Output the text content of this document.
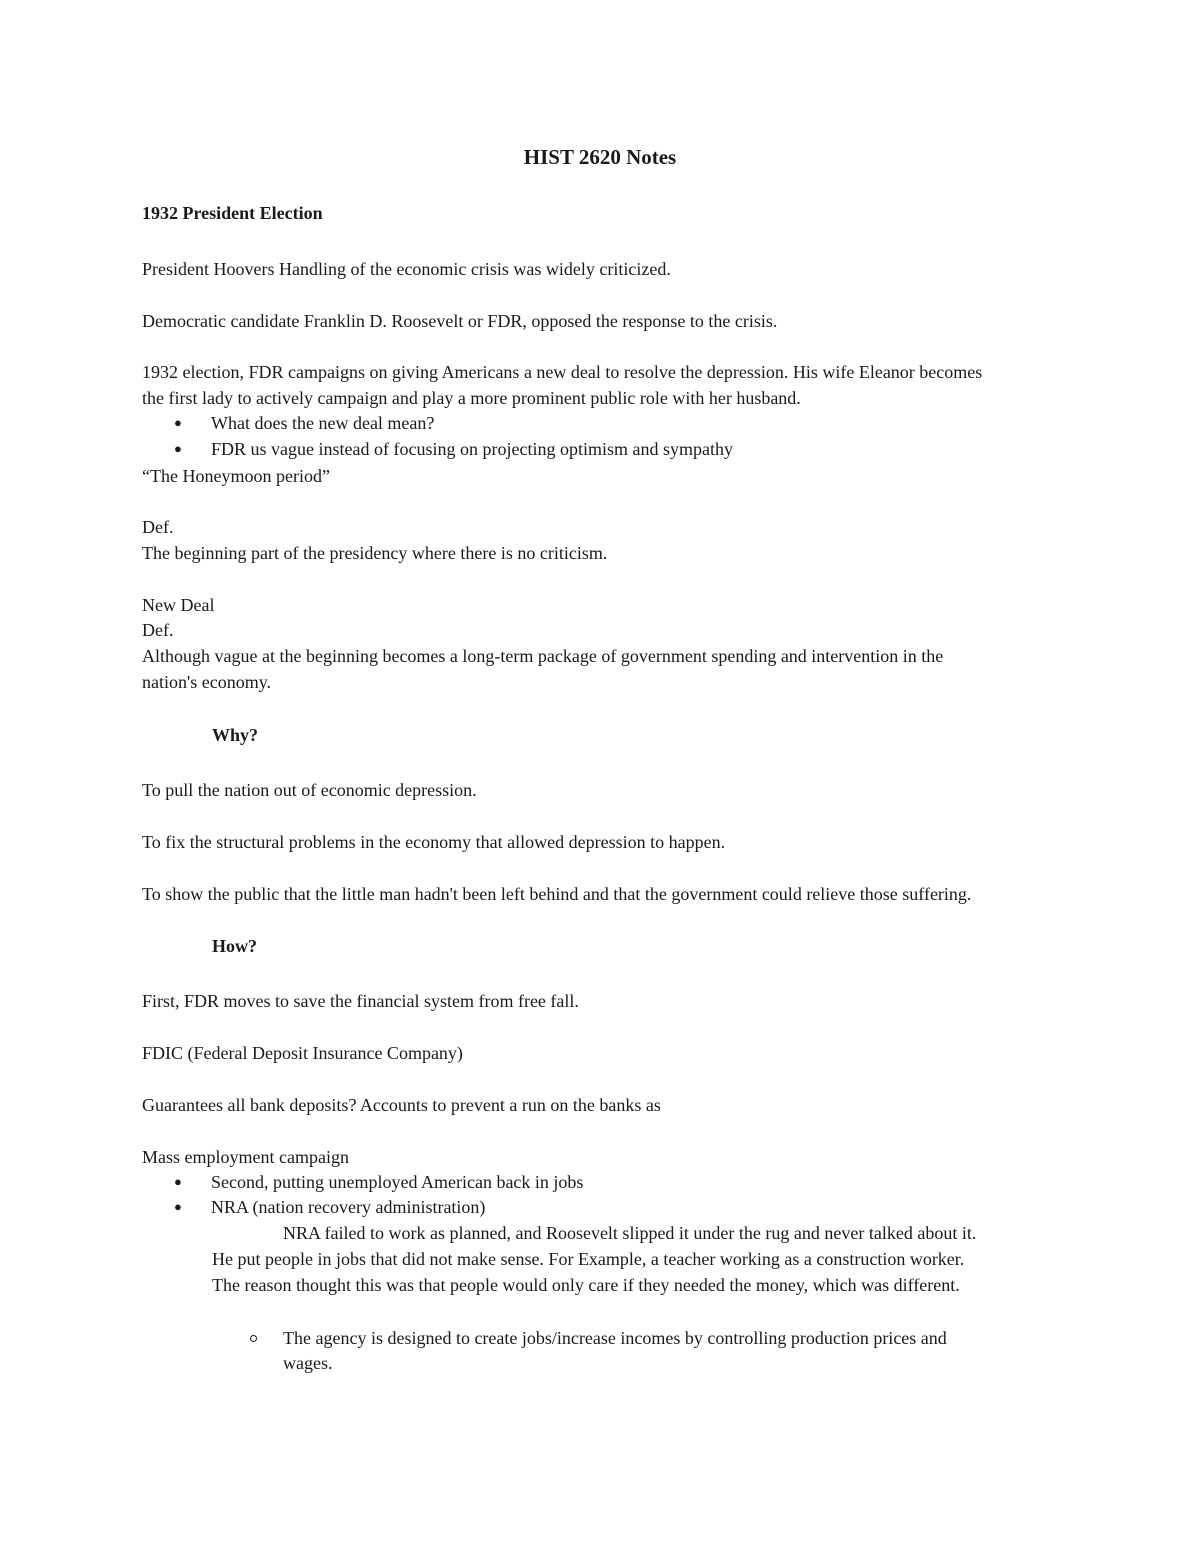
HIST 2620 Notes
1932 President Election
President Hoovers Handling of the economic crisis was widely criticized.
Democratic candidate Franklin D. Roosevelt or FDR, opposed the response to the crisis.
1932 election, FDR campaigns on giving Americans a new deal to resolve the depression. His wife Eleanor becomes
the first lady to actively campaign and play a more prominent public role with her husband.
● What does the new deal mean?
● FDR us vague instead of focusing on projecting optimism and sympathy
“The Honeymoon period”
Def.
The beginning part of the presidency where there is no criticism.
New Deal
Def.
Although vague at the beginning becomes a long-term package of government spending and intervention in the
nation's economy.
Why?
To pull the nation out of economic depression.
To fix the structural problems in the economy that allowed depression to happen.
To show the public that the little man hadn't been left behind and that the government could relieve those suffering.
How?
First, FDR moves to save the financial system from free fall.
FDIC (Federal Deposit Insurance Company)
Guarantees all bank deposits? Accounts to prevent a run on the banks as
Mass employment campaign
● Second, putting unemployed American back in jobs
● NRA (nation recovery administration)
NRA failed to work as planned, and Roosevelt slipped it under the rug and never talked about it.
He put people in jobs that did not make sense. For Example, a teacher working as a construction worker.
The reason thought this was that people would only care if they needed the money, which was different.
The agency is designed to create jobs/increase incomes by controlling production prices and
wages.
